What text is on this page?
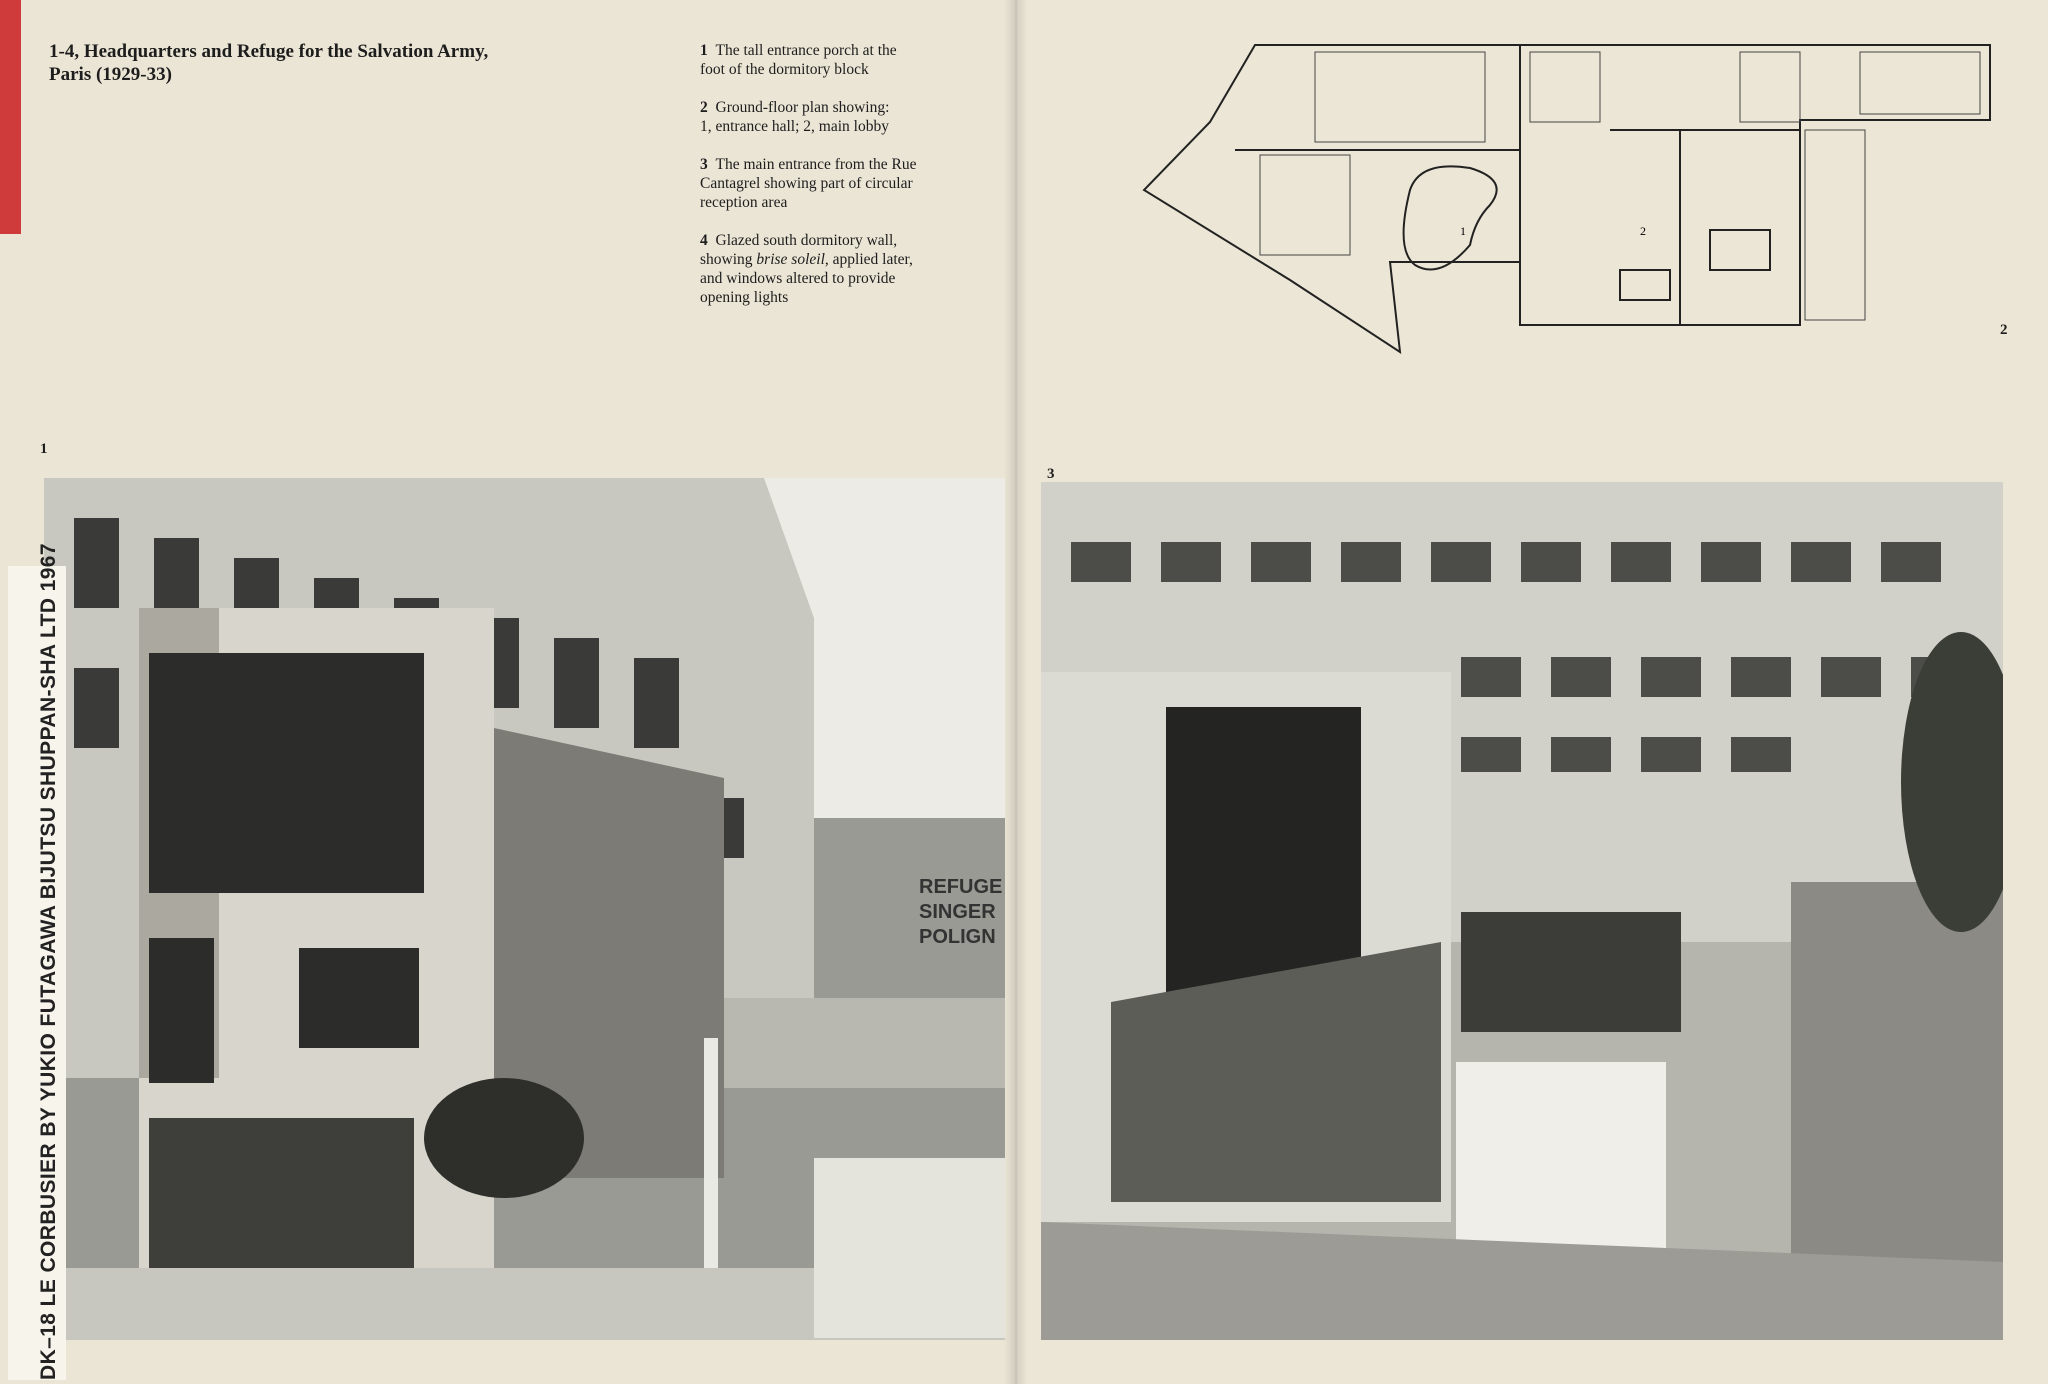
1-4, Headquarters and Refuge for the Salvation Army,
Paris (1929-33)

1 The tall entrance porch at the
foot of the dormitory block

2 Ground-floor plan showing:
1, entrance hall; 2, main lobby

3 The main entrance from the Rue
Cantagrel showing part of circular
reception area

4 Glazed south dormitory wall,
showing brise soleil, applied later,
and windows altered to provide
opening lights

1	2
2
1
REFUGE
SINGER
POLIGN
3
DK–18 LE CORBUSIER BY YUKIO FUTAGAWA BIJUTSU SHUPPAN-SHA LTD 1967
